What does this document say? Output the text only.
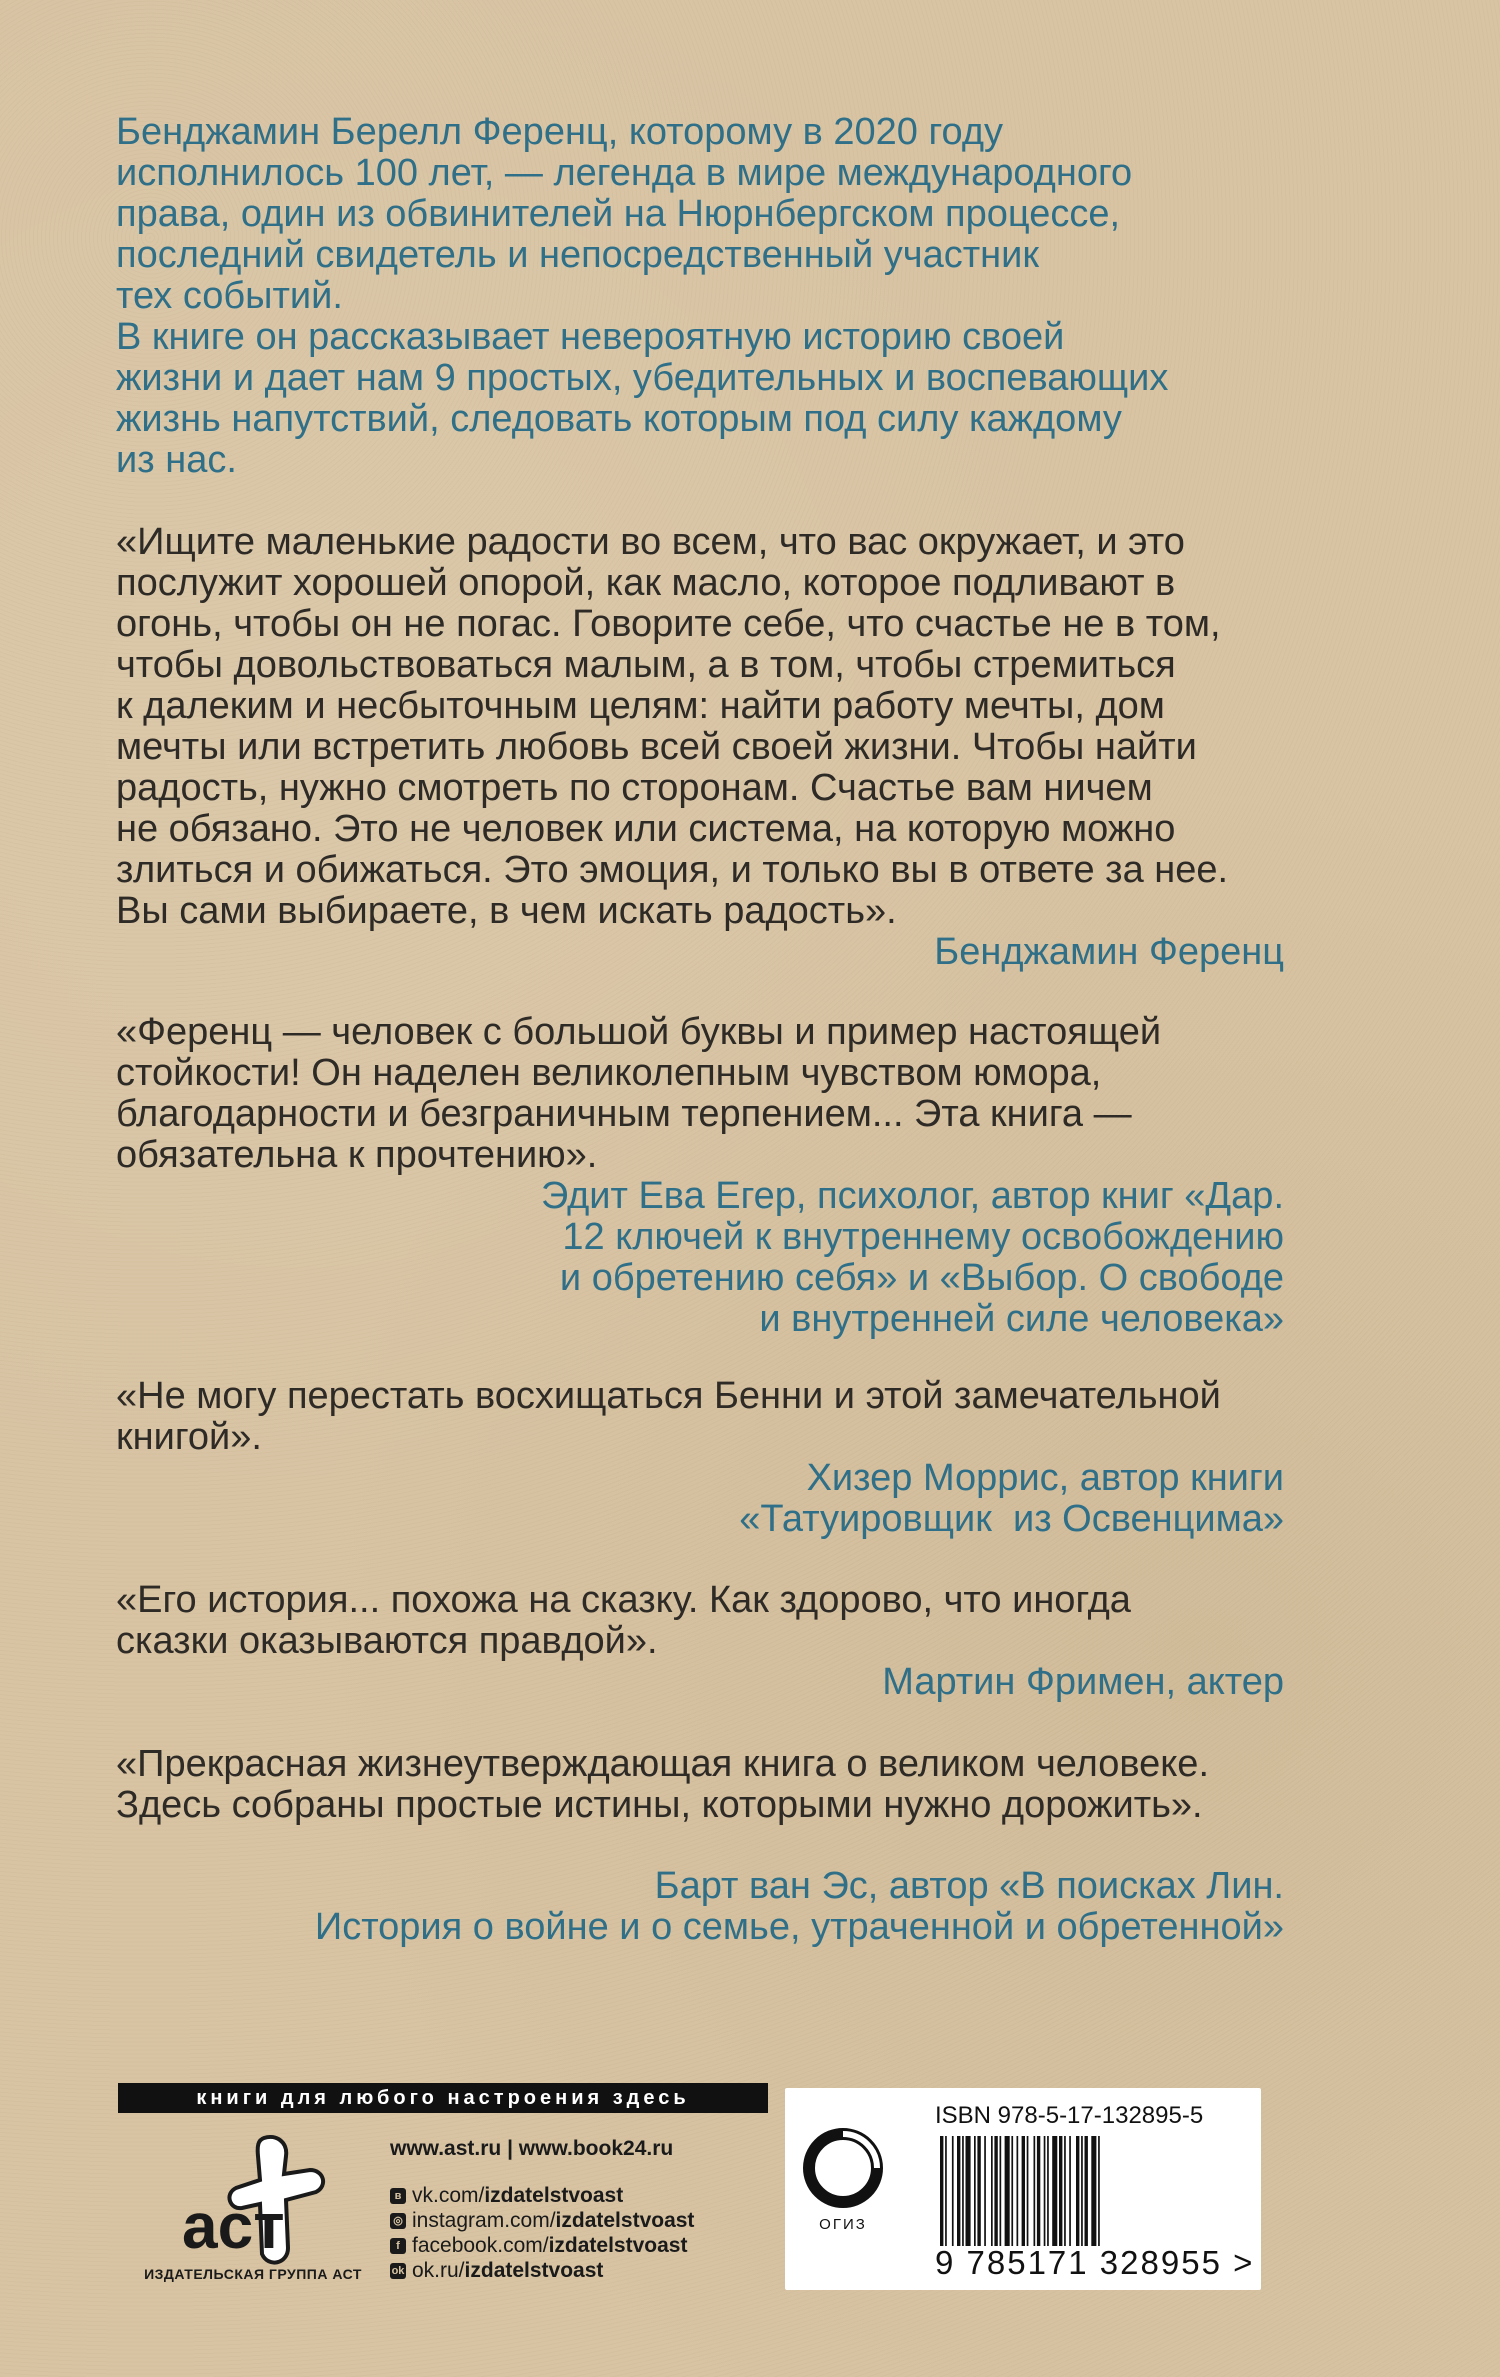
Бенджамин Берелл Ференц, которому в 2020 году
исполнилось 100 лет, — легенда в мире международного
права, один из обвинителей на Нюрнбергском процессе,
последний свидетель и непосредственный участник
тех событий.
В книге он рассказывает невероятную историю своей
жизни и дает нам 9 простых, убедительных и воспевающих
жизнь напутствий, следовать которым под силу каждому
из нас.
«Ищите маленькие радости во всем, что вас окружает, и это
послужит хорошей опорой, как масло, которое подливают в
огонь, чтобы он не погас. Говорите себе, что счастье не в том,
чтобы довольствоваться малым, а в том, чтобы стремиться
к далеким и несбыточным целям: найти работу мечты, дом
мечты или встретить любовь всей своей жизни. Чтобы найти
радость, нужно смотреть по сторонам. Счастье вам ничем
не обязано. Это не человек или система, на которую можно
злиться и обижаться. Это эмоция, и только вы в ответе за нее.
Вы сами выбираете, в чем искать радость».
Бенджамин Ференц
«Ференц — человек с большой буквы и пример настоящей
стойкости! Он наделен великолепным чувством юмора,
благодарности и безграничным терпением... Эта книга —
обязательна к прочтению».
Эдит Ева Егер, психолог, автор книг «Дар.
12 ключей к внутреннему освобождению
и обретению себя» и «Выбор. О свободе
и внутренней силе человека»
«Не могу перестать восхищаться Бенни и этой замечательной
книгой».
Хизер Моррис, автор книги
«Татуировщик  из Освенцима»
«Его история... похожа на сказку. Как здорово, что иногда
сказки оказываются правдой».
Мартин Фримен, актер
«Прекрасная жизнеутверждающая книга о великом человеке.
Здесь собраны простые истины, которыми нужно дорожить».
Барт ван Эс, автор «В поисках Лин.
История о войне и о семье, утраченной и обретенной»
книги для любого настроения здесь
аст
ИЗДАТЕЛЬСКАЯ ГРУППА АСТ
www.ast.ru | www.book24.ru
в vk.com/ izdatelstvoast
◎ instagram.com/ izdatelstvoast
f facebook.com/ izdatelstvoast
ok ok.ru/ izdatelstvoast
ОГИЗ
ISBN 978-5-17-132895-5
9 785171 328955 >
